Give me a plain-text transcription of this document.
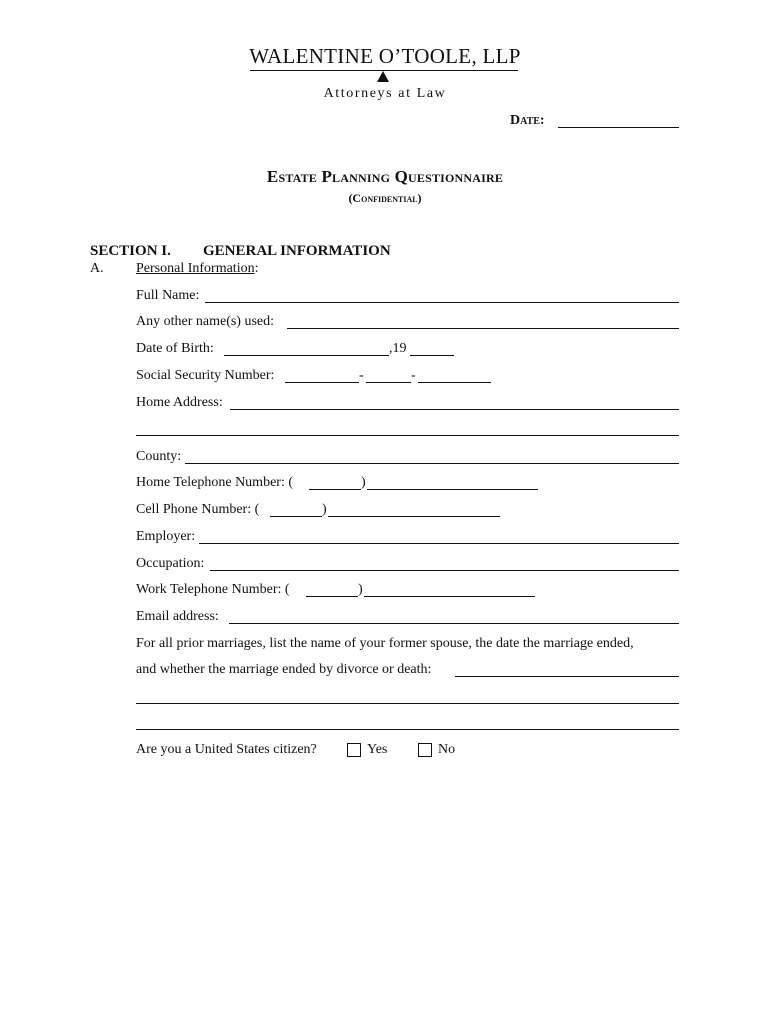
WALENTINE O’TOOLE, LLP
Attorneys at Law
Date:
Estate Planning Questionnaire
(Confidential)
SECTION I. GENERAL INFORMATION
A. Personal Information:
Full Name:
Any other name(s) used:
Date of Birth:	,19
Social Security Number:	-	-
Home Address:
County:
Home Telephone Number: (	)
Cell Phone Number: (	)
Employer:
Occupation:
Work Telephone Number: (	)
Email address:
For all prior marriages, list the name of your former spouse, the date the marriage ended,
and whether the marriage ended by divorce or death:
Are you a United States citizen?	Yes	No
